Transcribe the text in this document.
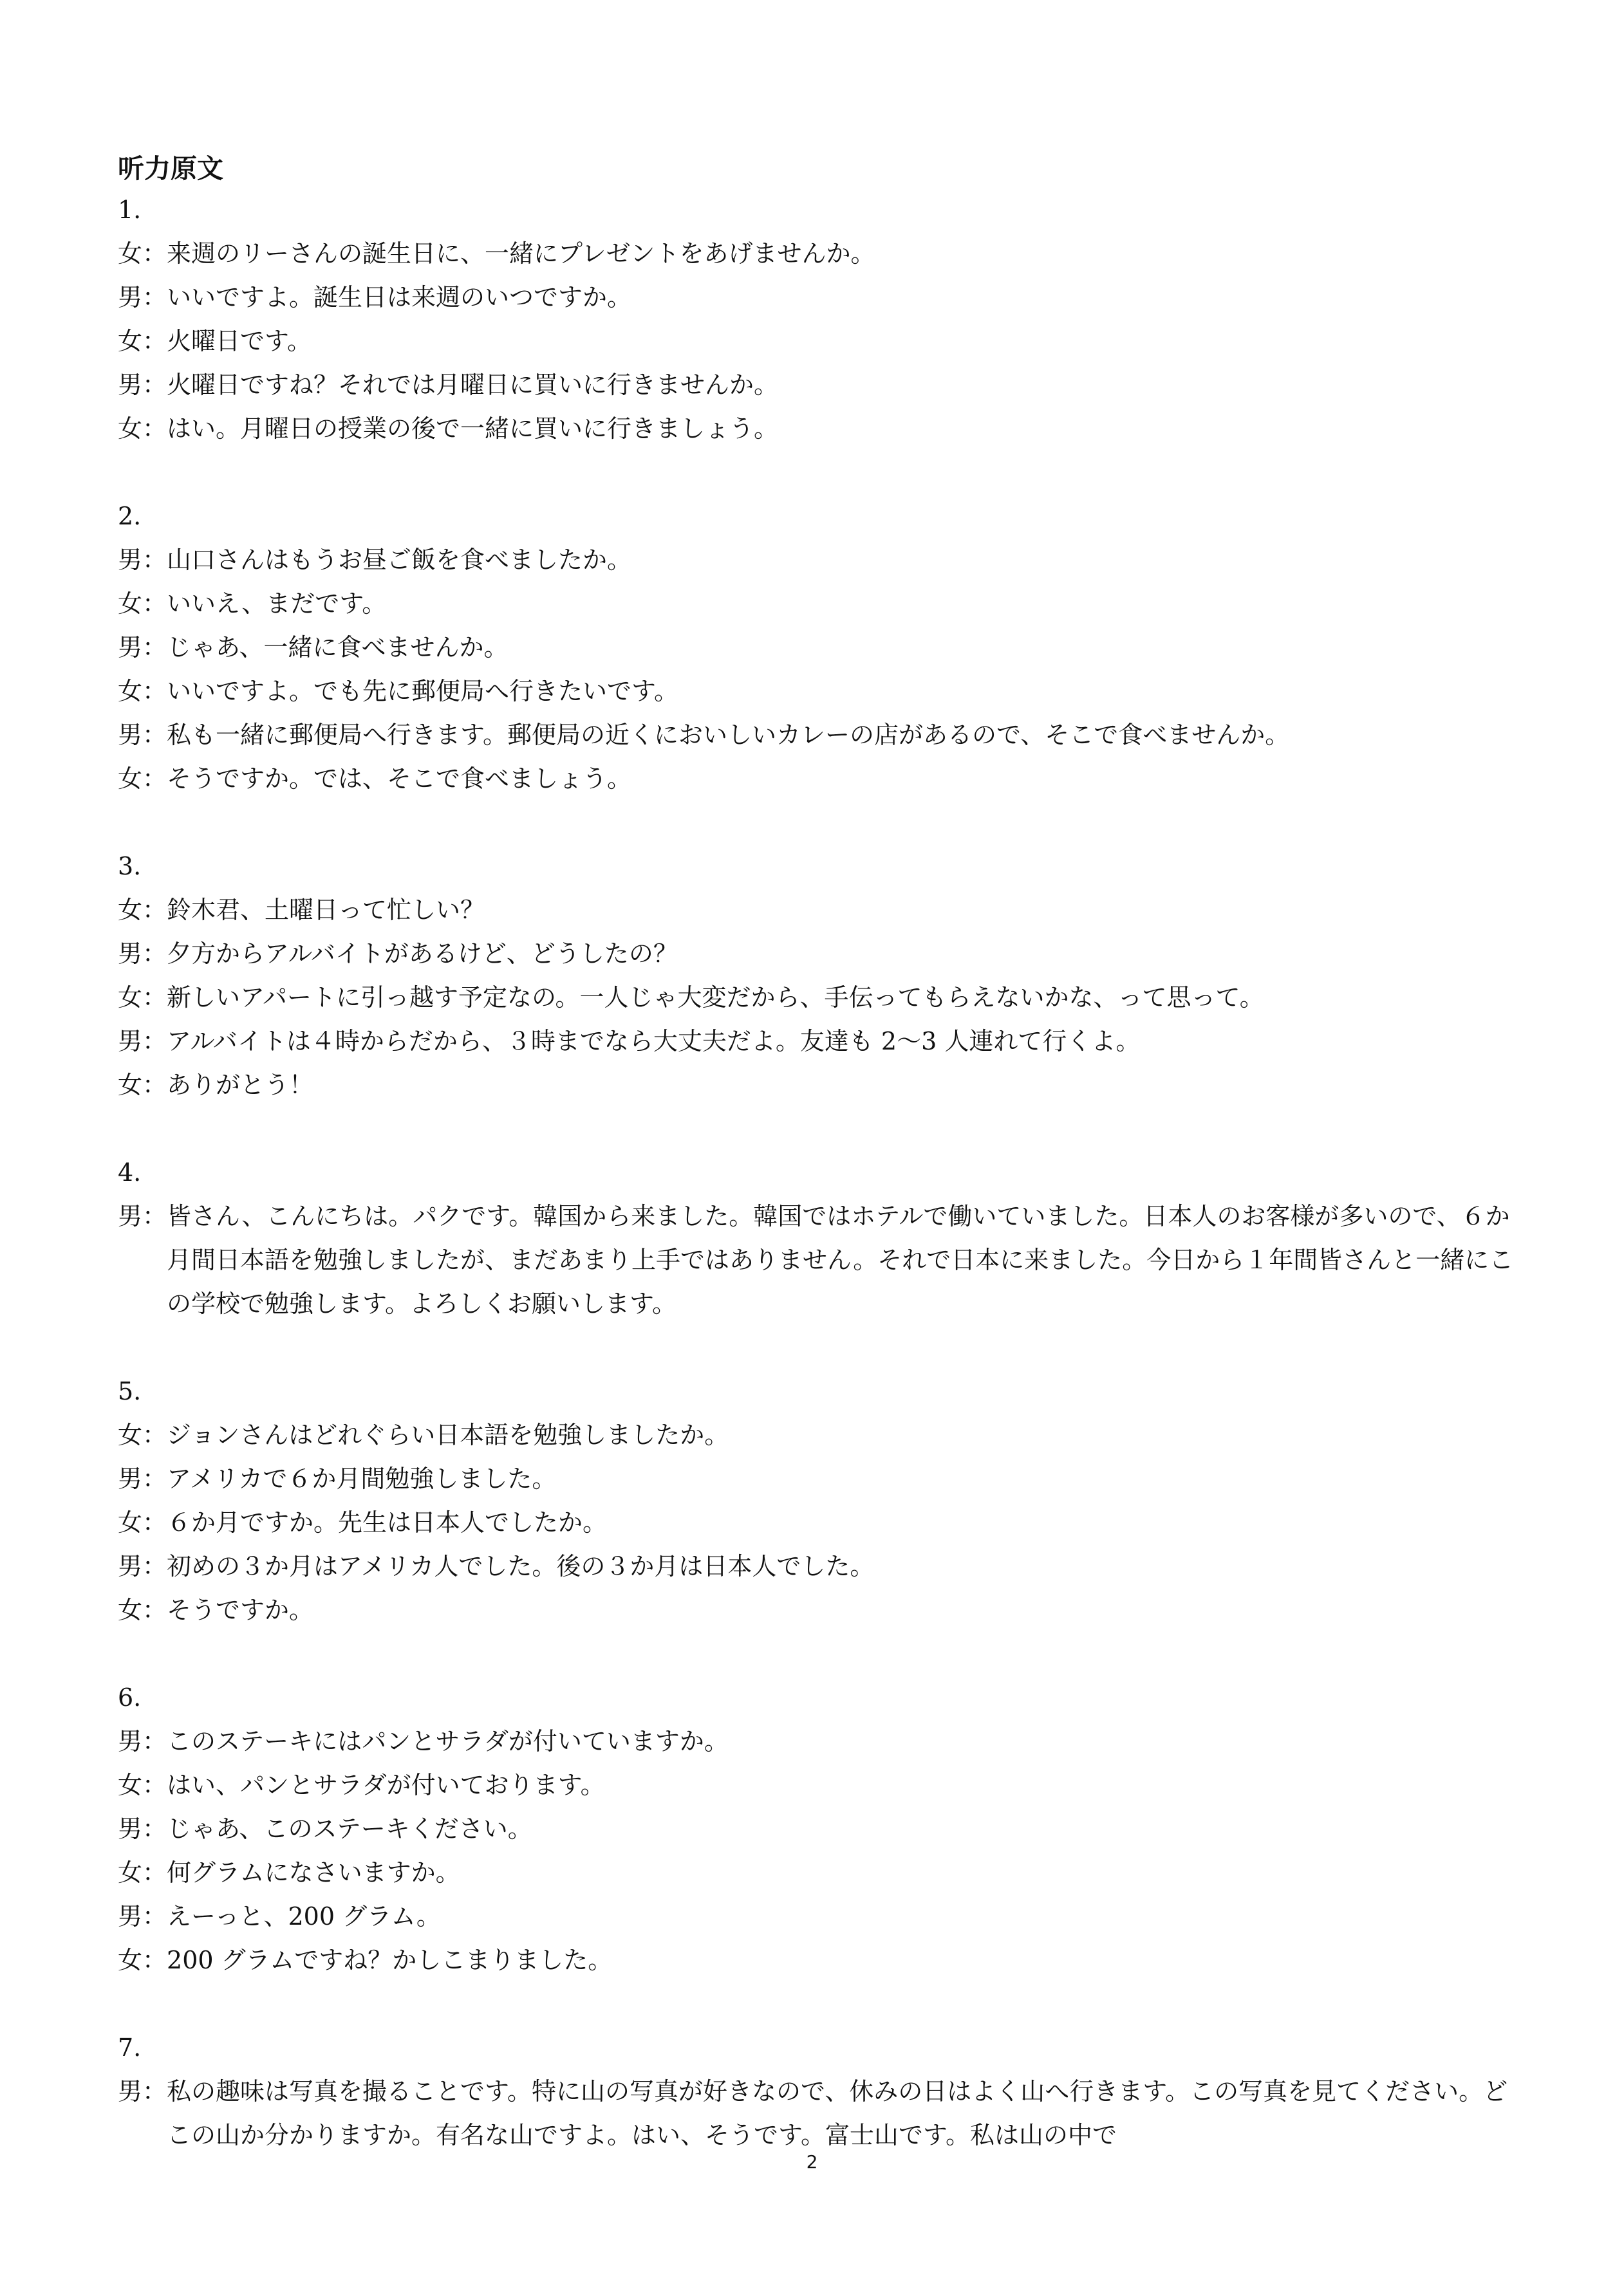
听力原文
1.
女： 来週のリーさんの誕生日に、一緒にプレゼントをあげませんか。
男： いいですよ。誕生日は来週のいつですか。
女： 火曜日です。
男： 火曜日ですね？それでは月曜日に買いに行きませんか。
女： はい。月曜日の授業の後で一緒に買いに行きましょう。
2.
男： 山口さんはもうお昼ご飯を食べましたか。
女： いいえ、まだです。
男： じゃあ、一緒に食べませんか。
女： いいですよ。でも先に郵便局へ行きたいです。
男： 私も一緒に郵便局へ行きます。郵便局の近くにおいしいカレーの店があるので、そこで食べませんか。
女： そうですか。では、そこで食べましょう。
3.
女： 鈴木君、土曜日って忙しい？
男： 夕方からアルバイトがあるけど、どうしたの？
女： 新しいアパートに引っ越す予定なの。一人じゃ大変だから、手伝ってもらえないかな、って思って。
男： アルバイトは４時からだから、３時までなら大丈夫だよ。友達も 2〜3 人連れて行くよ。
女： ありがとう！
4.
男： 皆さん、こんにちは。パクです。韓国から来ました。韓国ではホテルで働いていました。日本人のお客様が多いので、６か月間日本語を勉強しましたが、まだあまり上手ではありません。それで日本に来ました。今日から１年間皆さんと一緒にこの学校で勉強します。よろしくお願いします。
5.
女： ジョンさんはどれぐらい日本語を勉強しましたか。
男： アメリカで６か月間勉強しました。
女： ６か月ですか。先生は日本人でしたか。
男： 初めの３か月はアメリカ人でした。後の３か月は日本人でした。
女： そうですか。
6.
男： このステーキにはパンとサラダが付いていますか。
女： はい、パンとサラダが付いております。
男： じゃあ、このステーキください。
女： 何グラムになさいますか。
男： えーっと、200 グラム。
女： 200 グラムですね？かしこまりました。
7.
男： 私の趣味は写真を撮ることです。特に山の写真が好きなので、休みの日はよく山へ行きます。この写真を見てください。どこの山か分かりますか。有名な山ですよ。はい、そうです。富士山です。私は山の中で
2
